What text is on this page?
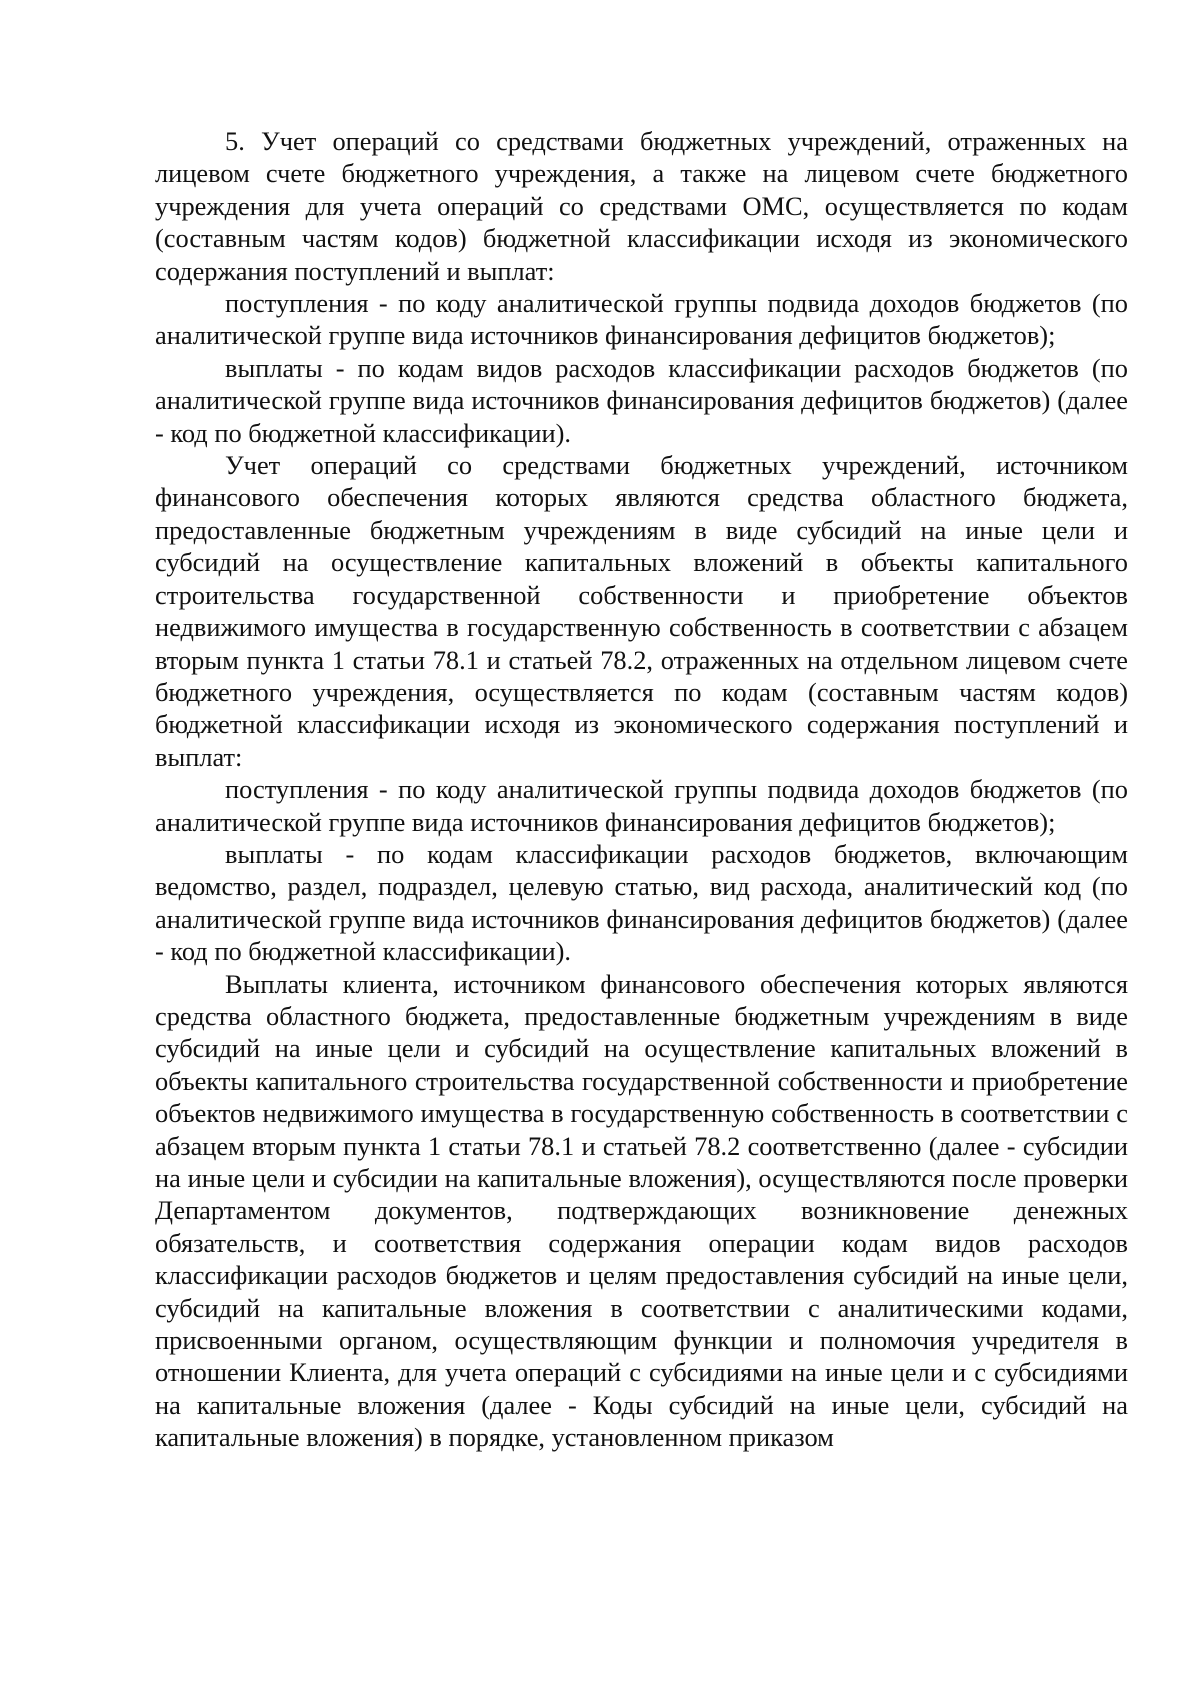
5. Учет операций со средствами бюджетных учреждений, отраженных на лицевом счете бюджетного учреждения, а также на лицевом счете бюджетного учреждения для учета операций со средствами ОМС, осуществляется по кодам (составным частям кодов) бюджетной классификации исходя из экономического содержания поступлений и выплат:

поступления - по коду аналитической группы подвида доходов бюджетов (по аналитической группе вида источников финансирования дефицитов бюджетов);

выплаты - по кодам видов расходов классификации расходов бюджетов (по аналитической группе вида источников финансирования дефицитов бюджетов) (далее - код по бюджетной классификации).

Учет операций со средствами бюджетных учреждений, источником финансового обеспечения которых являются средства областного бюджета, предоставленные бюджетным учреждениям в виде субсидий на иные цели и субсидий на осуществление капитальных вложений в объекты капитального строительства государственной собственности и приобретение объектов недвижимого имущества в государственную собственность в соответствии с абзацем вторым пункта 1 статьи 78.1 и статьей 78.2, отраженных на отдельном лицевом счете бюджетного учреждения, осуществляется по кодам (составным частям кодов) бюджетной классификации исходя из экономического содержания поступлений и выплат:

поступления - по коду аналитической группы подвида доходов бюджетов (по аналитической группе вида источников финансирования дефицитов бюджетов);

выплаты - по кодам классификации расходов бюджетов, включающим ведомство, раздел, подраздел, целевую статью, вид расхода, аналитический код (по аналитической группе вида источников финансирования дефицитов бюджетов) (далее - код по бюджетной классификации).

Выплаты клиента, источником финансового обеспечения которых являются средства областного бюджета, предоставленные бюджетным учреждениям в виде субсидий на иные цели и субсидий на осуществление капитальных вложений в объекты капитального строительства государственной собственности и приобретение объектов недвижимого имущества в государственную собственность в соответствии с абзацем вторым пункта 1 статьи 78.1 и статьей 78.2 соответственно (далее - субсидии на иные цели и субсидии на капитальные вложения), осуществляются после проверки Департаментом документов, подтверждающих возникновение денежных обязательств, и соответствия содержания операции кодам видов расходов классификации расходов бюджетов и целям предоставления субсидий на иные цели, субсидий на капитальные вложения в соответствии с аналитическими кодами, присвоенными органом, осуществляющим функции и полномочия учредителя в отношении Клиента, для учета операций с субсидиями на иные цели и с субсидиями на капитальные вложения (далее - Коды субсидий на иные цели, субсидий на капитальные вложения) в порядке, установленном приказом
